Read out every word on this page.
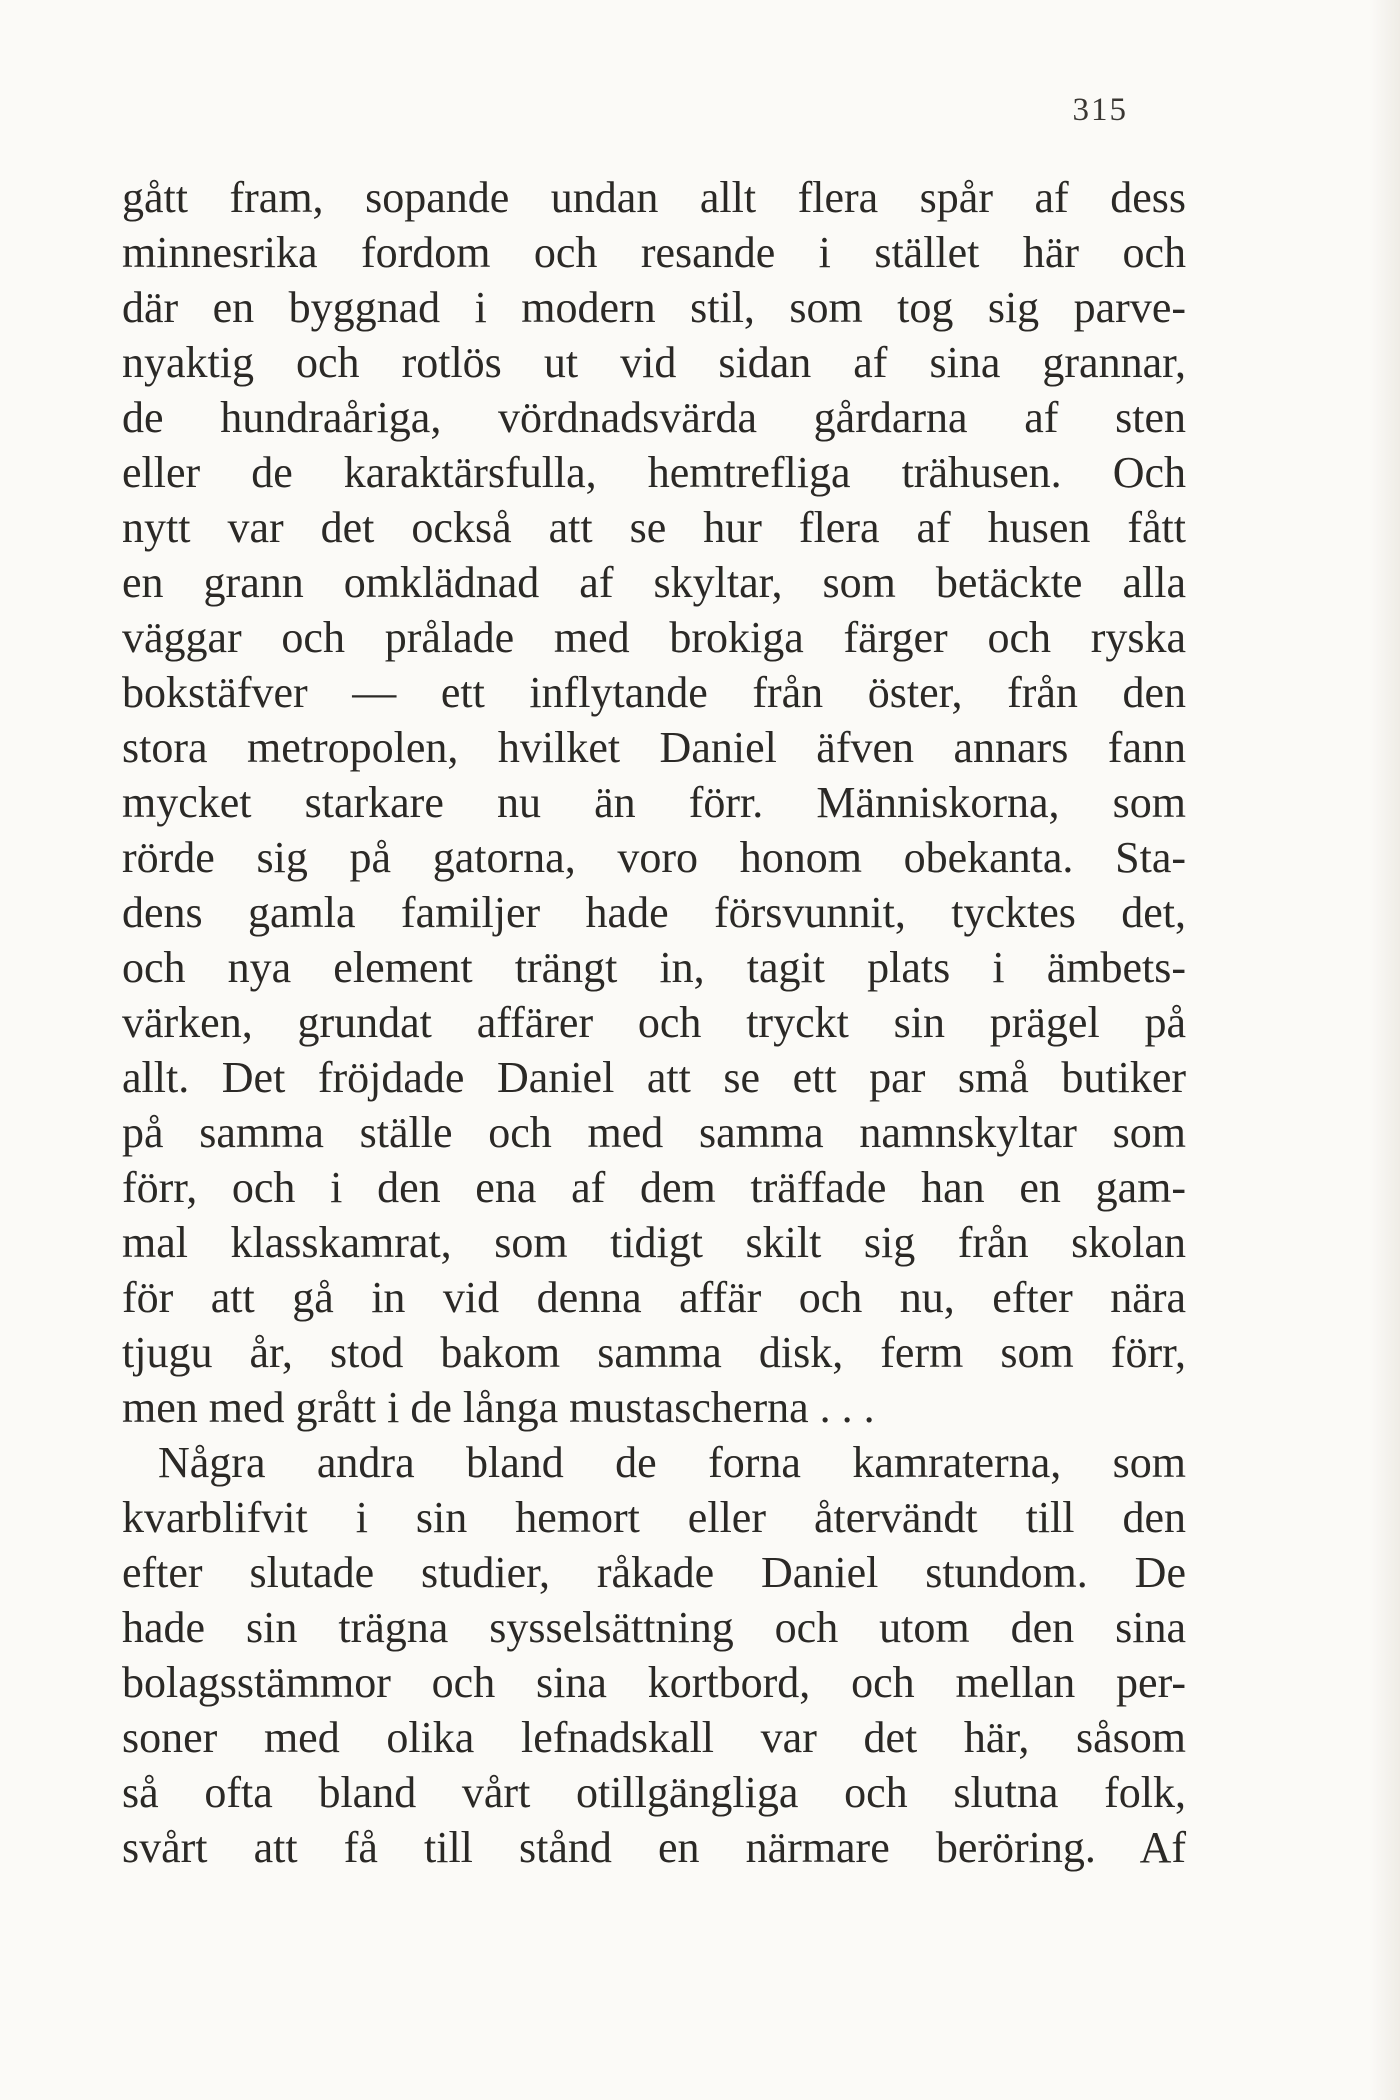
315
gått fram, sopande undan allt flera spår af dess
minnesrika fordom och resande i stället här och
där en byggnad i modern stil, som tog sig parve-
nyaktig och rotlös ut vid sidan af sina grannar,
de hundraåriga, vördnadsvärda gårdarna af sten
eller de karaktärsfulla, hemtrefliga trähusen. Och
nytt var det också att se hur flera af husen fått
en grann omklädnad af skyltar, som betäckte alla
väggar och prålade med brokiga färger och ryska
bokstäfver — ett inflytande från öster, från den
stora metropolen, hvilket Daniel äfven annars fann
mycket starkare nu än förr. Människorna, som
rörde sig på gatorna, voro honom obekanta. Sta-
dens gamla familjer hade försvunnit, tycktes det,
och nya element trängt in, tagit plats i ämbets-
värken, grundat affärer och tryckt sin prägel på
allt. Det fröjdade Daniel att se ett par små butiker
på samma ställe och med samma namnskyltar som
förr, och i den ena af dem träffade han en gam-
mal klasskamrat, som tidigt skilt sig från skolan
för att gå in vid denna affär och nu, efter nära
tjugu år, stod bakom samma disk, ferm som förr,
men med grått i de långa mustascherna . . .
Några andra bland de forna kamraterna, som
kvarblifvit i sin hemort eller återvändt till den
efter slutade studier, råkade Daniel stundom. De
hade sin trägna sysselsättning och utom den sina
bolagsstämmor och sina kortbord, och mellan per-
soner med olika lefnadskall var det här, såsom
så ofta bland vårt otillgängliga och slutna folk,
svårt att få till stånd en närmare beröring. Af
